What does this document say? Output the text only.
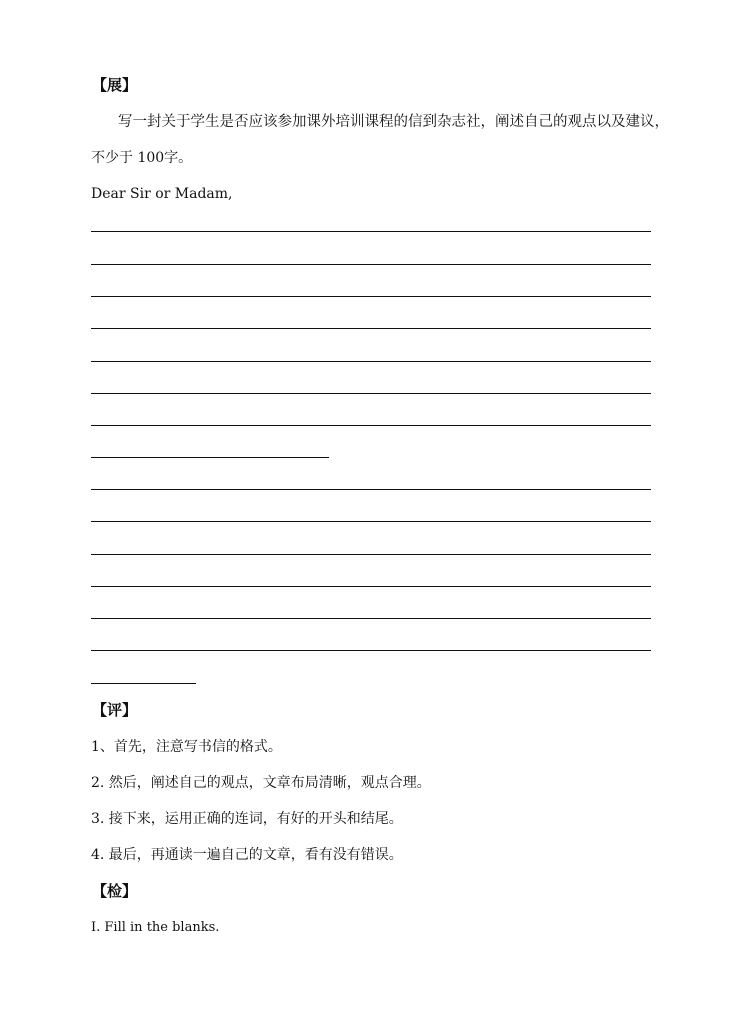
【展】
写一封关于学生是否应该参加课外培训课程的信到杂志社，阐述自己的观点以及建议，
不少于 100字。
Dear Sir or Madam,
【评】
1、首先，注意写书信的格式。
2. 然后，阐述自己的观点，文章布局清晰，观点合理。
3. 接下来，运用正确的连词，有好的开头和结尾。
4. 最后，再通读一遍自己的文章，看有没有错误。
【检】
Ⅰ. Fill in the blanks.
